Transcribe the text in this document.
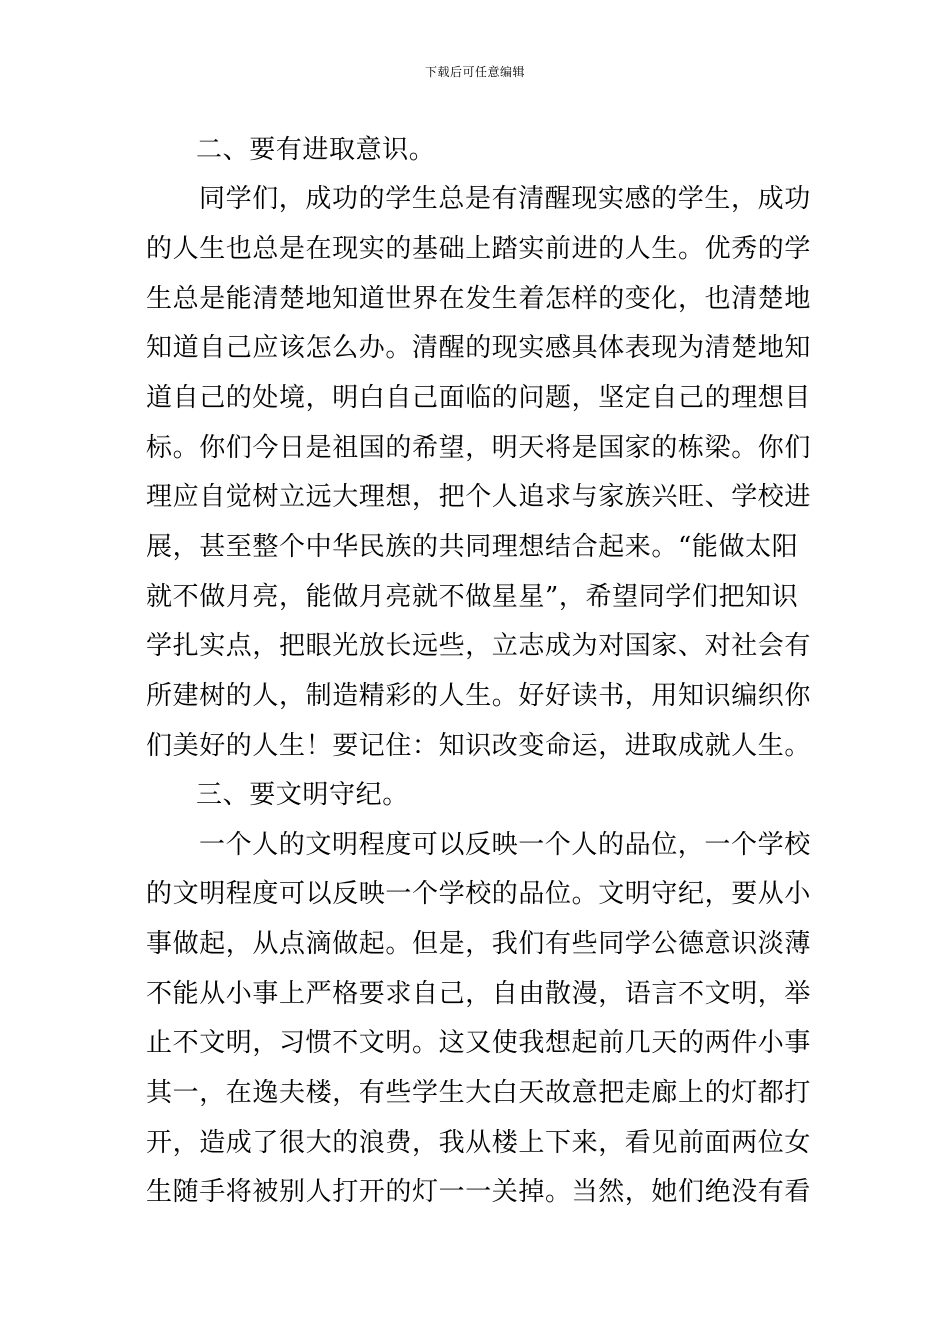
下载后可任意编辑
二、要有进取意识。
同学们，成功的学生总是有清醒现实感的学生，成功
的人生也总是在现实的基础上踏实前进的人生。优秀的学
生总是能清楚地知道世界在发生着怎样的变化，也清楚地
知道自己应该怎么办。清醒的现实感具体表现为清楚地知
道自己的处境，明白自己面临的问题，坚定自己的理想目
标。你们今日是祖国的希望，明天将是国家的栋梁。你们
理应自觉树立远大理想，把个人追求与家族兴旺、学校进
展，甚至整个中华民族的共同理想结合起来。“能做太阳
就不做月亮，能做月亮就不做星星”，希望同学们把知识
学扎实点，把眼光放长远些，立志成为对国家、对社会有
所建树的人，制造精彩的人生。好好读书，用知识编织你
们美好的人生！要记住：知识改变命运，进取成就人生。
三、要文明守纪。
一个人的文明程度可以反映一个人的品位，一个学校
的文明程度可以反映一个学校的品位。文明守纪，要从小
事做起，从点滴做起。但是，我们有些同学公德意识淡薄
不能从小事上严格要求自己，自由散漫，语言不文明，举
止不文明，习惯不文明。这又使我想起前几天的两件小事
其一，在逸夫楼，有些学生大白天故意把走廊上的灯都打
开，造成了很大的浪费，我从楼上下来，看见前面两位女
生随手将被别人打开的灯一一关掉。当然，她们绝没有看
